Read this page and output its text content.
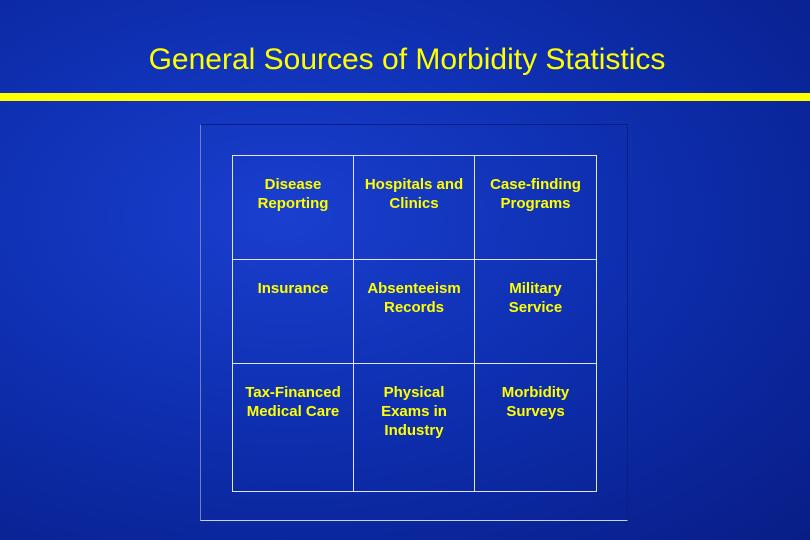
General Sources of Morbidity Statistics
Disease
Reporting
Hospitals and
Clinics
Case-finding
Programs
Insurance	Absenteeism
Records
Military
Service
Tax-Financed
Medical Care
Physical
Exams in
Industry
Morbidity
Surveys
